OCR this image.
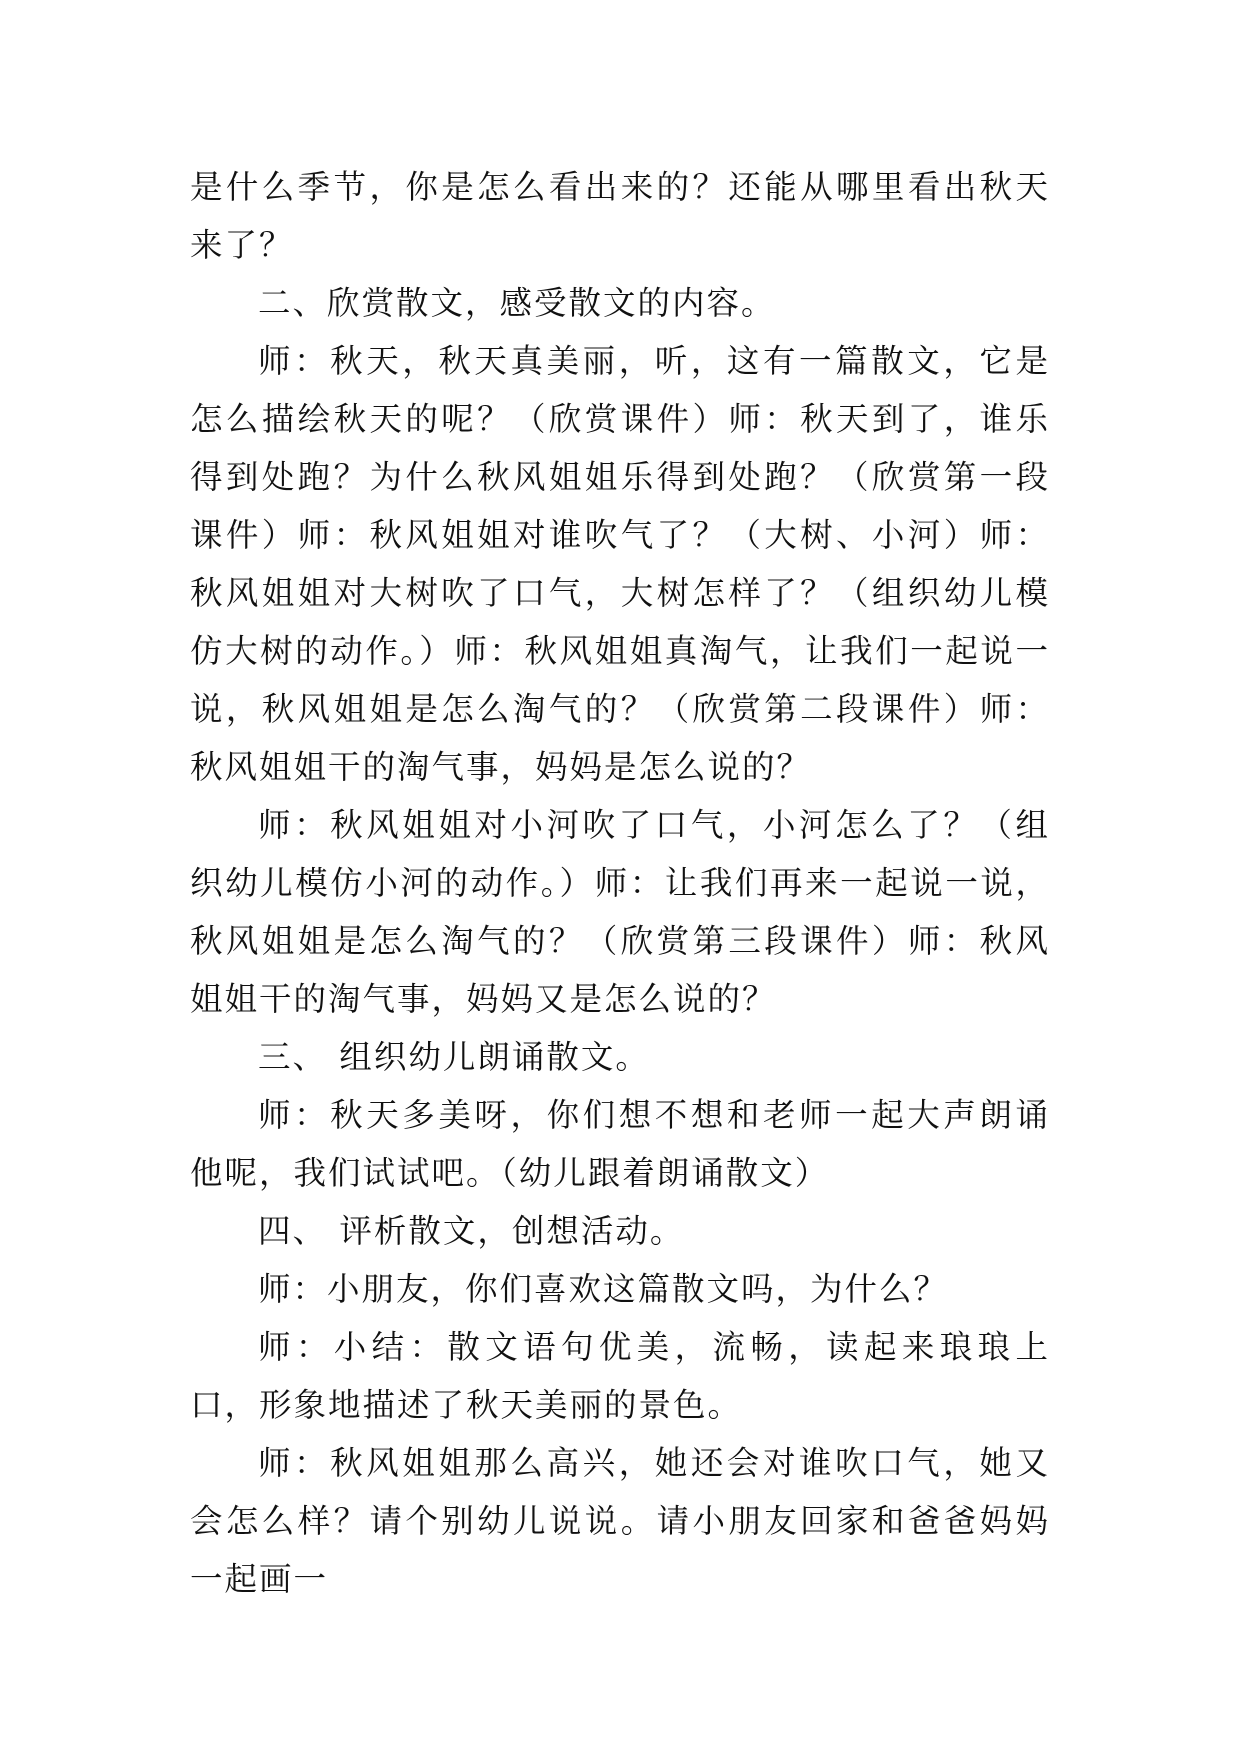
是什么季节，你是怎么看出来的？还能从哪里看出秋天来了？

二、欣赏散文，感受散文的内容。

师：秋天，秋天真美丽，听，这有一篇散文，它是怎么描绘秋天的呢？（欣赏课件）师：秋天到了，谁乐得到处跑？为什么秋风姐姐乐得到处跑？（欣赏第一段课件）师：秋风姐姐对谁吹气了？（大树、小河）师：秋风姐姐对大树吹了口气，大树怎样了？（组织幼儿模仿大树的动作。）师：秋风姐姐真淘气，让我们一起说一说，秋风姐姐是怎么淘气的？（欣赏第二段课件）师：秋风姐姐干的淘气事，妈妈是怎么说的？

师：秋风姐姐对小河吹了口气，小河怎么了？（组织幼儿模仿小河的动作。）师：让我们再来一起说一说，秋风姐姐是怎么淘气的？（欣赏第三段课件）师：秋风姐姐干的淘气事，妈妈又是怎么说的？

三、 组织幼儿朗诵散文。

师：秋天多美呀，你们想不想和老师一起大声朗诵他呢，我们试试吧。（幼儿跟着朗诵散文）

四、 评析散文，创想活动。

师：小朋友，你们喜欢这篇散文吗，为什么？

师：小结：散文语句优美，流畅，读起来琅琅上口，形象地描述了秋天美丽的景色。

师：秋风姐姐那么高兴，她还会对谁吹口气，她又会怎么样？请个别幼儿说说。请小朋友回家和爸爸妈妈一起画一
